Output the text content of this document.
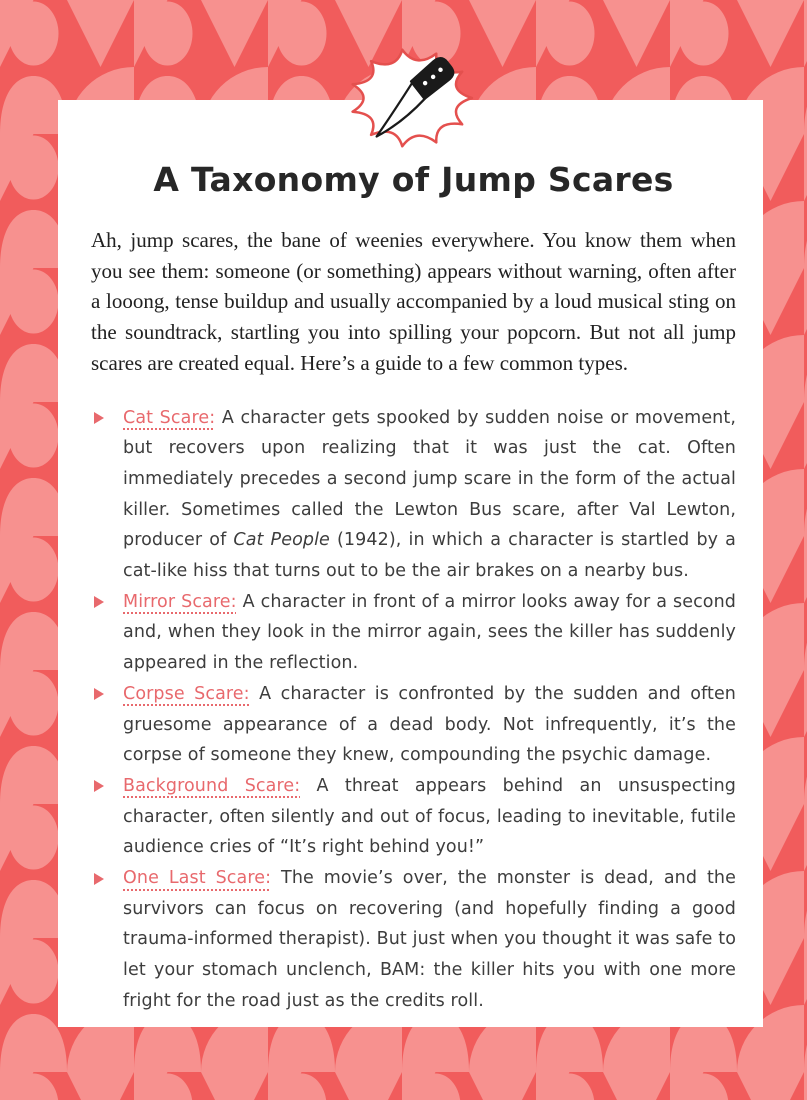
A Taxonomy of Jump Scares

Ah, jump scares, the bane of weenies everywhere. You know them when you see them: someone (or something) appears without warning, often after a looong, tense buildup and usually accompanied by a loud musical sting on the soundtrack, startling you into spilling your popcorn. But not all jump scares are created equal. Here’s a guide to a few common types.

Cat Scare: A character gets spooked by sudden noise or movement, but recovers upon realizing that it was just the cat. Often immediately precedes a second jump scare in the form of the actual killer. Sometimes called the Lewton Bus scare, after Val Lewton, producer of Cat People (1942), in which a character is startled by a cat-like hiss that turns out to be the air brakes on a nearby bus.
Mirror Scare: A character in front of a mirror looks away for a second and, when they look in the mirror again, sees the killer has suddenly appeared in the reflection.
Corpse Scare: A character is confronted by the sudden and often gruesome appearance of a dead body. Not infrequently, it’s the corpse of someone they knew, compounding the psychic damage.
Background Scare: A threat appears behind an unsuspecting character, often silently and out of focus, leading to inevitable, futile audience cries of “It’s right behind you!”
One Last Scare: The movie’s over, the monster is dead, and the survivors can focus on recovering (and hopefully finding a good trauma-informed therapist). But just when you thought it was safe to let your stomach unclench, BAM: the killer hits you with one more fright for the road just as the credits roll.
